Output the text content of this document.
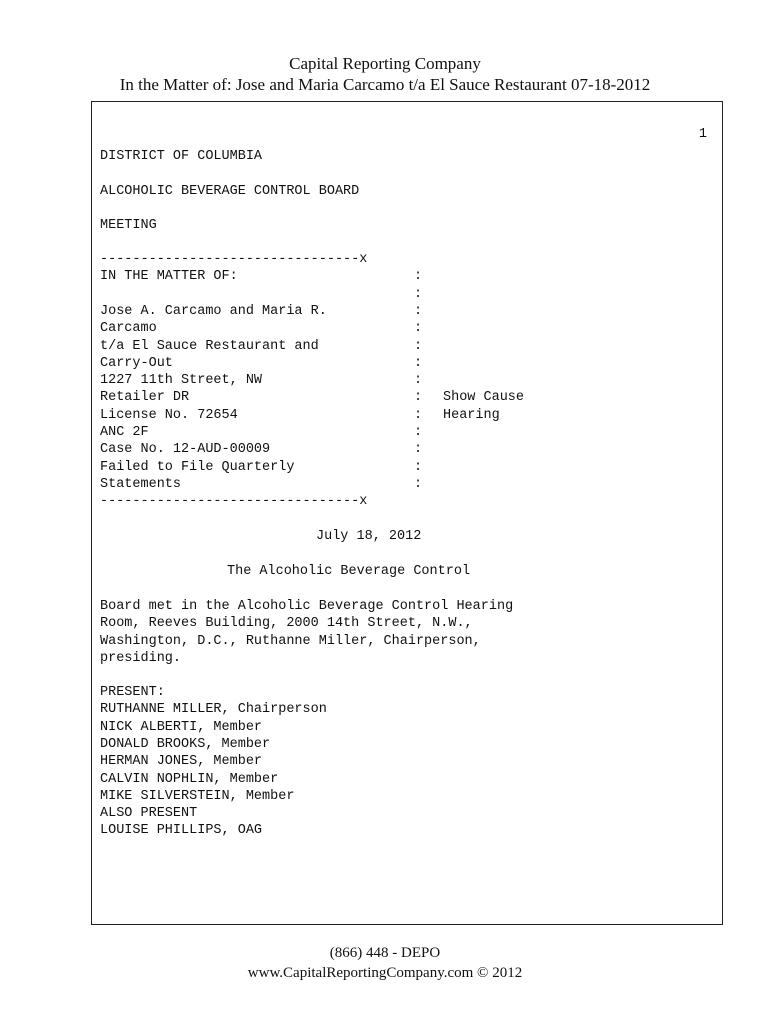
Capital Reporting Company
In the Matter of: Jose and Maria Carcamo t/a El Sauce Restaurant 07-18-2012
1
DISTRICT OF COLUMBIA
ALCOHOLIC BEVERAGE CONTROL BOARD
MEETING
--------------------------------x
IN THE MATTER OF:
Jose A. Carcamo and Maria R.
Carcamo
t/a El Sauce Restaurant and
Carry-Out
1227 11th Street, NW
Retailer DR
License No. 72654
ANC 2F
Case No. 12-AUD-00009
Failed to File Quarterly
Statements
:
:
:
:
:
:
:
:
:
:
:
:
:
Show Cause
Hearing
--------------------------------x
July 18, 2012
The Alcoholic Beverage Control
Board met in the Alcoholic Beverage Control Hearing
Room, Reeves Building, 2000 14th Street, N.W.,
Washington, D.C., Ruthanne Miller, Chairperson,
presiding.
PRESENT:
RUTHANNE MILLER, Chairperson
NICK ALBERTI, Member
DONALD BROOKS, Member
HERMAN JONES, Member
CALVIN NOPHLIN, Member
MIKE SILVERSTEIN, Member
ALSO PRESENT
LOUISE PHILLIPS, OAG
(866) 448 - DEPO
www.CapitalReportingCompany.com © 2012
